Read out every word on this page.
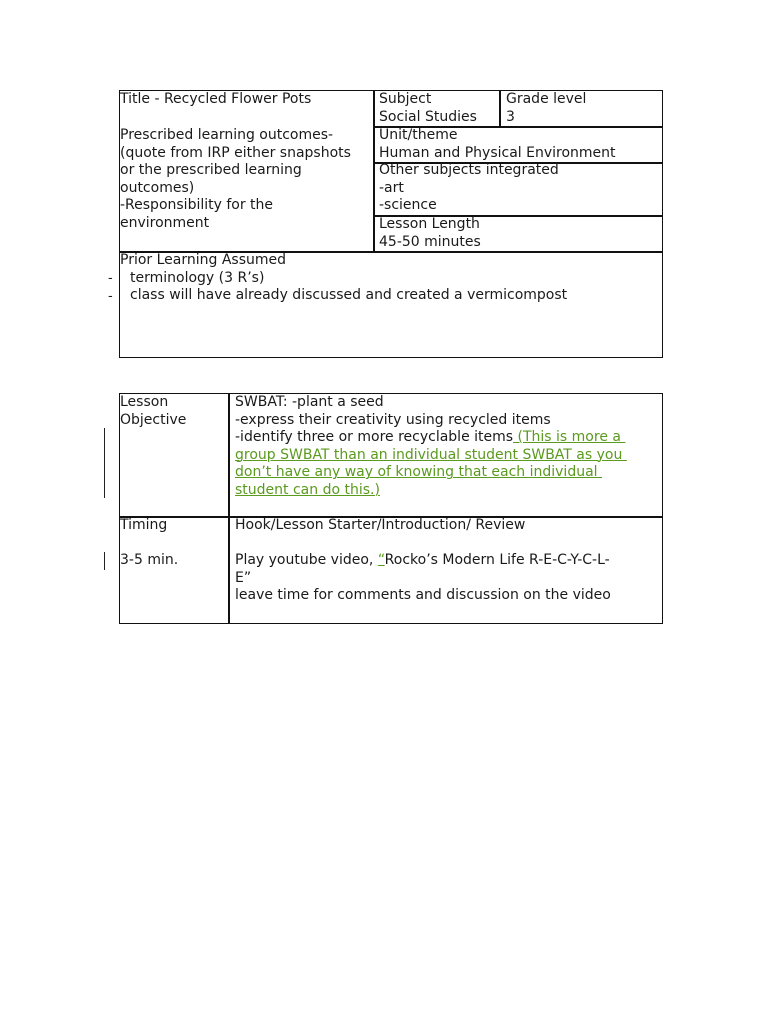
Title - Recycled Flower Pots	Subject
Social Studies
Grade level
3
Prescribed learning outcomes-
(quote from IRP either snapshots
or the prescribed learning
outcomes)
-Responsibility for the
environment
Unit/theme
Human and Physical Environment
Other subjects integrated
-art
-science
Lesson Length
45-50 minutes
Prior Learning Assumed
terminology (3 R’s)
class will have already discussed and created a vermicompost
-
-
Lesson
Objective
SWBAT: -plant a seed
-express their creativity using recycled items
-identify three or more recyclable items (This is more a
group SWBAT than an individual student SWBAT as you
don’t have any way of knowing that each individual
student can do this.)
Timing

3-5 min.
Hook/Lesson Starter/Introduction/ Review

Play youtube video, “Rocko’s Modern Life R-E-C-Y-C-L-
E”
leave time for comments and discussion on the video
